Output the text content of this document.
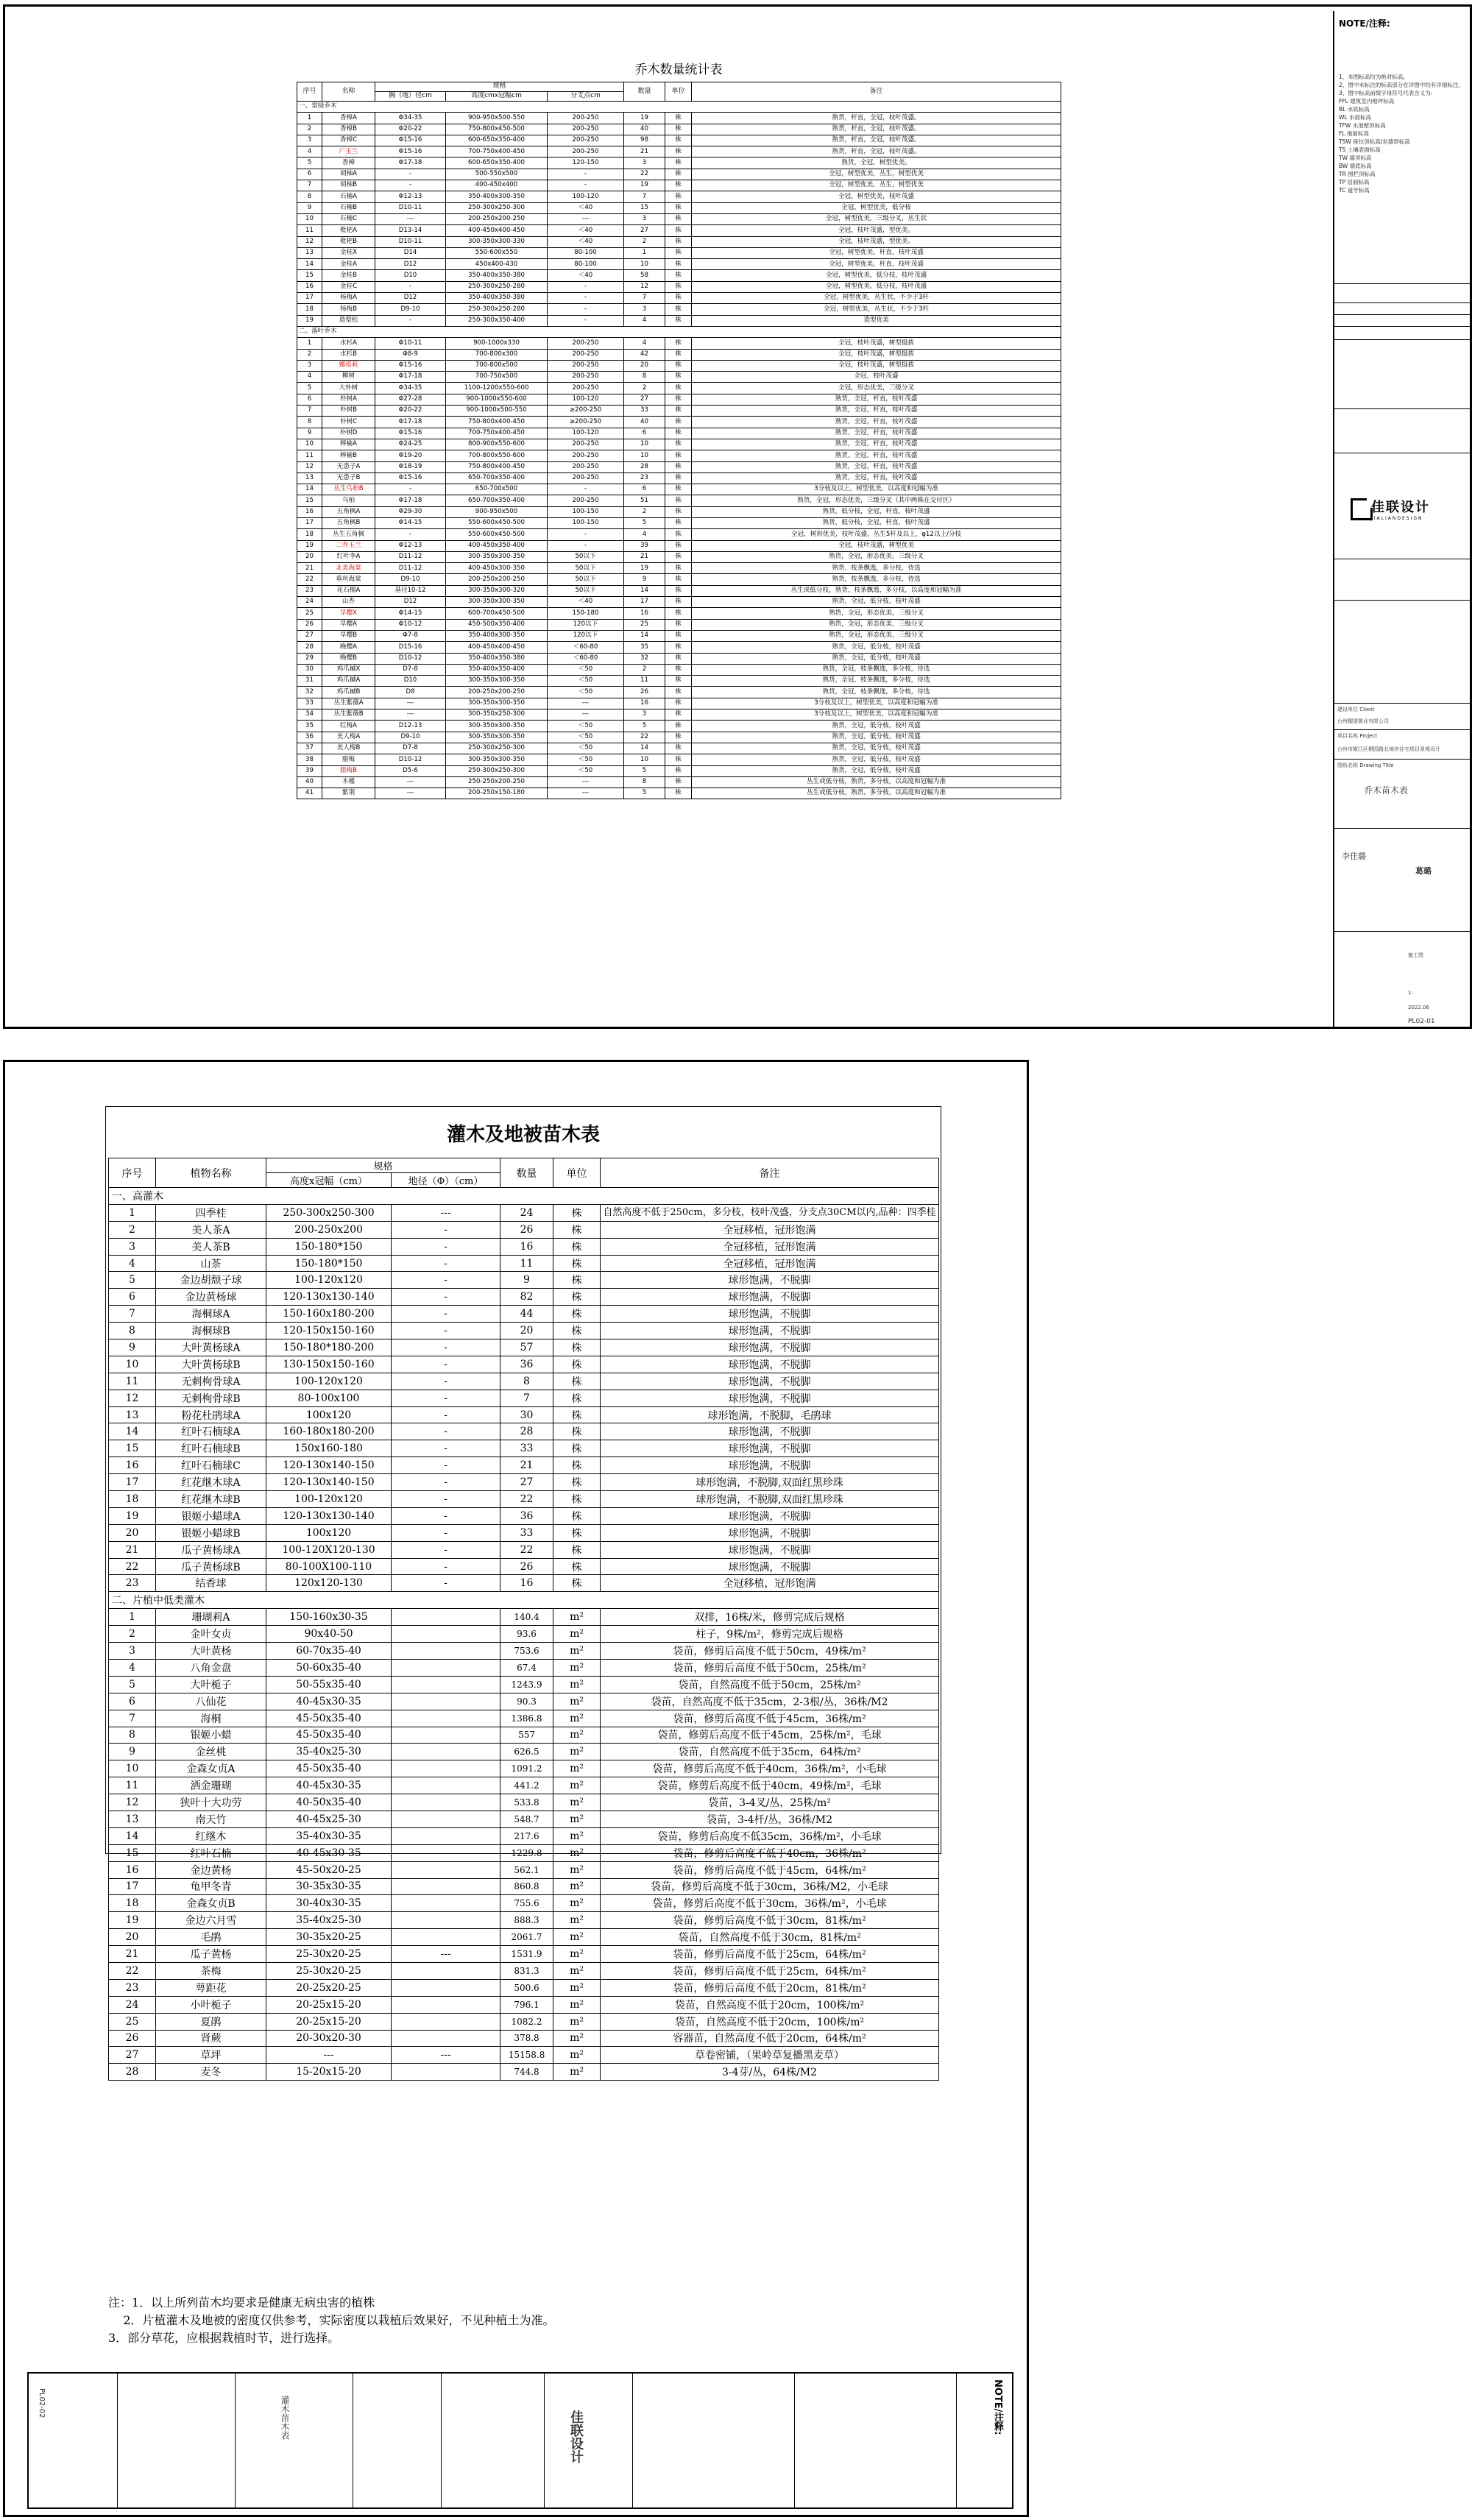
乔木数量统计表
序号	名称	规格			数量	单位	备注
		胸（地）径cm	高度cmx冠幅cm	分支点cm			
一、常绿乔木							
1	香樟A	Φ34-35	900-950x500-550	200-250	19	株	熟货，杆直，全冠，枝叶茂盛。
2	香樟B	Φ20-22	750-800x450-500	200-250	40	株	熟货，杆直，全冠，枝叶茂盛。
3	香樟C	Φ15-16	600-650x350-400	200-250	98	株	熟货，杆直，全冠，枝叶茂盛。
4	广玉兰	Φ15-16	700-750x400-450	200-250	21	株	熟货，杆直，全冠，枝叶茂盛。
5	香樟	Φ17-18	600-650x350-400	120-150	3	株	熟货，全冠，树型优美。
6	胡柚A	-	500-550x500	-	22	株	全冠，树型优美，丛生，树型优美
7	胡柚B	-	400-450x400	-	19	株	全冠，树型优美，丛生，树型优美
8	石楠A	Φ12-13	350-400x300-350	100-120	7	株	全冠，树型优美，枝叶茂盛
9	石楠B	D10-11	250-300x250-300	＜40	15	株	全冠，树型优美，低分枝
10	石楠C	---	200-250x200-250	---	3	株	全冠，树型优美，三级分叉，丛生状
11	枇杷A	D13-14	400-450x400-450	＜40	27	株	全冠，枝叶茂盛，型优美。
12	枇杷B	D10-11	300-350x300-330	＜40	2	株	全冠，枝叶茂盛，型优美。
13	金桂X	D14	550-600x550	80-100	1	株	全冠，树型优美，杆直，枝叶茂盛
14	金桂A	D12	450x400-430	80-100	10	株	全冠，树型优美，杆直，枝叶茂盛
15	金桂B	D10	350-400x350-380	＜40	58	株	全冠，树型优美，低分枝，枝叶茂盛
16	金桂C	-	250-300x250-280	-	12	株	全冠，树型优美，低分枝，枝叶茂盛
17	杨梅A	D12	350-400x350-380	-	7	株	全冠，树型优美，丛生状，不少于3杆
18	杨梅B	D9-10	250-300x250-280	-	3	株	全冠，树型优美，丛生状，不少于3杆
19	造型松	-	250-300x350-400	-	4	株	造型优美
二、落叶乔木							
1	水杉A	Φ10-11	900-1000x330	200-250	4	株	全冠，枝叶茂盛，树型挺拔
2	水杉B	Φ8-9	700-800x300	200-250	42	株	全冠，枝叶茂盛，树型挺拔
3	娜塔莉	Φ15-16	700-800x500	200-250	20	株	全冠，枝叶茂盛，树型挺拔
4	柳树	Φ17-18	700-750x500	200-250	8	株	全冠，枝叶茂盛
5	大朴树	Φ34-35	1100-1200x550-600	200-250	2	株	全冠，形态优美，三级分叉
6	朴树A	Φ27-28	900-1000x550-600	100-120	27	株	熟货，全冠，杆直，枝叶茂盛
7	朴树B	Φ20-22	900-1000x500-550	≥200-250	33	株	熟货，全冠，杆直，枝叶茂盛
8	朴树C	Φ17-18	750-800x400-450	≥200-250	40	株	熟货，全冠，杆直，枝叶茂盛
9	朴树D	Φ15-16	700-750x400-450	100-120	6	株	熟货，全冠，杆直，枝叶茂盛
10	榉榆A	Φ24-25	800-900x550-600	200-250	10	株	熟货，全冠，杆直，枝叶茂盛
11	榉榆B	Φ19-20	700-800x550-600	200-250	10	株	熟货，全冠，杆直，枝叶茂盛
12	无患子A	Φ18-19	750-800x400-450	200-250	28	株	熟货，全冠，杆直，枝叶茂盛
13	无患子B	Φ15-16	650-700x350-400	200-250	23	株	熟货，全冠，杆直，枝叶茂盛
14	丛生乌桕B	-	650-700x500	-	6	株	3分枝及以上，树型优美，以高度和冠幅为准
15	乌桕	Φ17-18	650-700x350-400	200-250	51	株	熟货，全冠，形态优美，三级分叉（其中两株在交付区）
16	五角枫A	Φ29-30	900-950x500	100-150	2	株	熟货，低分枝，全冠，杆直，枝叶茂盛
17	五角枫B	Φ14-15	550-600x450-500	100-150	5	株	熟货，低分枝，全冠，杆直，枝叶茂盛
18	丛生五角枫	-	550-600x450-500	-	4	株	全冠，树形优美，枝叶茂盛，丛生5杆及以上，φ12以上/分枝
19	二乔玉兰	Φ12-13	400-450x350-400	-	39	株	全冠，枝叶茂盛，树型优美
20	红叶李A	D11-12	300-350x300-350	50以下	21	株	熟货，全冠，形态优美，三级分叉
21	北美海棠	D11-12	400-450x300-350	50以下	19	株	熟货，枝条飘逸，多分枝，待选
22	垂丝海棠	D9-10	200-250x200-250	50以下	9	株	熟货，枝条飘逸，多分枝，待选
23	花石榴A	基径10-12	300-350x300-320	50以下	14	株	丛生或低分枝，熟货，枝条飘逸，多分枝，以高度和冠幅为准
24	山杏	D12	300-350x300-350	＜40	17	株	熟货，全冠，低分枝，枝叶茂盛
25	早樱X	Φ14-15	600-700x450-500	150-180	16	株	熟货，全冠，形态优美，三级分叉
26	早樱A	Φ10-12	450-500x350-400	120以下	25	株	熟货，全冠，形态优美，三级分叉
27	早樱B	Φ7-8	350-400x300-350	120以下	14	株	熟货，全冠，形态优美，三级分叉
28	晚樱A	D15-16	400-450x400-450	＜60-80	35	株	熟货，全冠，低分枝，枝叶茂盛
29	晚樱B	D10-12	350-400x350-380	＜60-80	32	株	熟货，全冠，低分枝，枝叶茂盛
30	鸡爪槭X	D7-8	350-400x350-400	＜50	2	株	熟货，全冠，枝条飘逸，多分枝，待选
31	鸡爪槭A	D10	300-350x300-350	＜50	11	株	熟货，全冠，枝条飘逸，多分枝，待选
32	鸡爪槭B	D8	200-250x200-250	＜50	26	株	熟货，全冠，枝条飘逸，多分枝，待选
33	丛生紫薇A	---	300-350x300-350	---	16	株	3分枝及以上，树型优美，以高度和冠幅为准
34	丛生紫薇B	---	300-350x250-300	---	3	株	3分枝及以上，树型优美，以高度和冠幅为准
35	红梅A	D12-13	300-350x300-350	＜50	5	株	熟货，全冠，低分枝，枝叶茂盛
36	美人梅A	D9-10	300-350x300-350	＜50	22	株	熟货，全冠，低分枝，枝叶茂盛
37	美人梅B	D7-8	250-300x250-300	＜50	14	株	熟货，全冠，低分枝，枝叶茂盛
38	腊梅	D10-12	300-350x300-350	＜50	10	株	熟货，全冠，低分枝，枝叶茂盛
39	腊梅B	D5-6	250-300x250-300	＜50	5	株	熟货，全冠，低分枝，枝叶茂盛
40	木槿	---	250-250x200-250	---	8	株	丛生或低分枝，熟货，多分枝，以高度和冠幅为准
41	紫荆	---	200-250x150-180	---	5	株	丛生或低分枝，熟货，多分枝，以高度和冠幅为准
NOTE/注释:
1、本图标高均为绝对标高。
2、图中未标注的标高部分在详图中均有详细标注。
3、图中标高前缀字母符号代表含义为:
FFL 建筑室内地坪标高
BL 水底标高
WL 水面标高
TFW 水池壁顶标高
FL 地面标高
TSW 座位顶标高/坐墙顶标高
TS 土壤表面标高
TW 墙顶标高
BW 墙底标高
TR 围栏顶标高
TP 居面标高
TC 道牙标高
佳联设计
JIALIANDESIGN
建设单位 Client
台州榴望置业有限公司
项目名称 Project
台州市椒江区桐园路北地块住宅项目景观设计
图纸名称 Drawing Title
乔木苗木表
李佳璐
葛璐
施工图
1:
2022.06
PL02-01
灌木及地被苗木表
序号	植物名称	规格		数量	单位	备注
		高度x冠幅（cm）	地径（Φ）（cm）			
一、高灌木						
1	四季桂	250-300x250-300	---	24	株	自然高度不低于250cm，多分枝，枝叶茂盛，分支点30CM以内,品种：四季桂
2	美人茶A	200-250x200	-	26	株	全冠移植，冠形饱满
3	美人茶B	150-180*150	-	16	株	全冠移植，冠形饱满
4	山茶	150-180*150	-	11	株	全冠移植，冠形饱满
5	金边胡颓子球	100-120x120	-	9	株	球形饱满，不脱脚
6	金边黄杨球	120-130x130-140	-	82	株	球形饱满，不脱脚
7	海桐球A	150-160x180-200	-	44	株	球形饱满，不脱脚
8	海桐球B	120-150x150-160	-	20	株	球形饱满，不脱脚
9	大叶黄杨球A	150-180*180-200	-	57	株	球形饱满，不脱脚
10	大叶黄杨球B	130-150x150-160	-	36	株	球形饱满，不脱脚
11	无刺枸骨球A	100-120x120	-	8	株	球形饱满，不脱脚
12	无刺枸骨球B	80-100x100	-	7	株	球形饱满，不脱脚
13	粉花杜鹃球A	100x120	-	30	株	球形饱满，不脱脚，毛鹃球
14	红叶石楠球A	160-180x180-200	-	28	株	球形饱满，不脱脚
15	红叶石楠球B	150x160-180	-	33	株	球形饱满，不脱脚
16	红叶石楠球C	120-130x140-150	-	21	株	球形饱满，不脱脚
17	红花继木球A	120-130x140-150	-	27	株	球形饱满，不脱脚,双面红黑珍珠
18	红花继木球B	100-120x120	-	22	株	球形饱满，不脱脚,双面红黑珍珠
19	银姬小蜡球A	120-130x130-140	-	36	株	球形饱满，不脱脚
20	银姬小蜡球B	100x120	-	33	株	球形饱满，不脱脚
21	瓜子黄杨球A	100-120X120-130	-	22	株	球形饱满，不脱脚
22	瓜子黄杨球B	80-100X100-110	-	26	株	球形饱满，不脱脚
23	结香球	120x120-130	-	16	株	全冠移植，冠形饱满
二、片植中低类灌木						
1	珊瑚莉A	150-160x30-35		140.4	m²	双排，16株/米，修剪完成后规格
2	金叶女贞	90x40-50		93.6	m²	柱子，9株/m²，修剪完成后规格
3	大叶黄杨	60-70x35-40		753.6	m²	袋苗，修剪后高度不低于50cm，49株/m²
4	八角金盘	50-60x35-40		67.4	m²	袋苗，修剪后高度不低于50cm，25株/m²
5	大叶栀子	50-55x35-40		1243.9	m²	袋苗，自然高度不低于50cm，25株/m²
6	八仙花	40-45x30-35		90.3	m²	袋苗，自然高度不低于35cm，2-3根/丛，36株/M2
7	海桐	45-50x35-40		1386.8	m²	袋苗，修剪后高度不低于45cm，36株/m²
8	银姬小蜡	45-50x35-40		557	m²	袋苗，修剪后高度不低于45cm，25株/m²，毛球
9	金丝桃	35-40x25-30		626.5	m²	袋苗，自然高度不低于35cm，64株/m²
10	金森女贞A	45-50x35-40		1091.2	m²	袋苗，修剪后高度不低于40cm，36株/m²，小毛球
11	洒金珊瑚	40-45x30-35		441.2	m²	袋苗，修剪后高度不低于40cm，49株/m²，毛球
12	狭叶十大功劳	40-50x35-40		533.8	m²	袋苗，3-4叉/丛，25株/m²
13	南天竹	40-45x25-30		548.7	m²	袋苗，3-4杆/丛，36株/M2
14	红继木	35-40x30-35		217.6	m²	袋苗，修剪后高度不低35cm，36株/m²，小毛球
15	红叶石楠	40-45x30-35		1229.8	m²	袋苗，修剪后高度不低于40cm，36株/m²
16	金边黄杨	45-50x20-25		562.1	m²	袋苗，修剪后高度不低于45cm，64株/m²
17	龟甲冬青	30-35x30-35		860.8	m²	袋苗，修剪后高度不低于30cm，36株/M2，小毛球
18	金森女贞B	30-40x30-35		755.6	m²	袋苗，修剪后高度不低于30cm，36株/m²，小毛球
19	金边六月雪	35-40x25-30		888.3	m²	袋苗，修剪后高度不低于30cm，81株/m²
20	毛鹃	30-35x20-25		2061.7	m²	袋苗，自然高度不低于30cm，81株/m²
21	瓜子黄杨	25-30x20-25	---	1531.9	m²	袋苗，修剪后高度不低于25cm，64株/m²
22	茶梅	25-30x20-25		831.3	m²	袋苗，修剪后高度不低于25cm，64株/m²
23	萼距花	20-25x20-25		500.6	m²	袋苗，修剪后高度不低于20cm，81株/m²
24	小叶栀子	20-25x15-20		796.1	m²	袋苗，自然高度不低于20cm，100株/m²
25	夏鹃	20-25x15-20		1082.2	m²	袋苗，自然高度不低于20cm，100株/m²
26	肾蕨	20-30x20-30		378.8	m²	容器苗，自然高度不低于20cm，64株/m²
27	草坪	---	---	15158.8	m²	草卷密铺，（果岭草复播黑麦草）
28	麦冬	15-20x15-20		744.8	m²	3-4芽/丛，64株/M2
注：1．以上所列苗木均要求是健康无病虫害的植株
2．片植灌木及地被的密度仅供参考，实际密度以栽植后效果好，不见种植土为准。
3．部分草花，应根据栽植时节，进行选择。
NOTE/注释:
灌木苗木表	佳联设计
PL02-02
